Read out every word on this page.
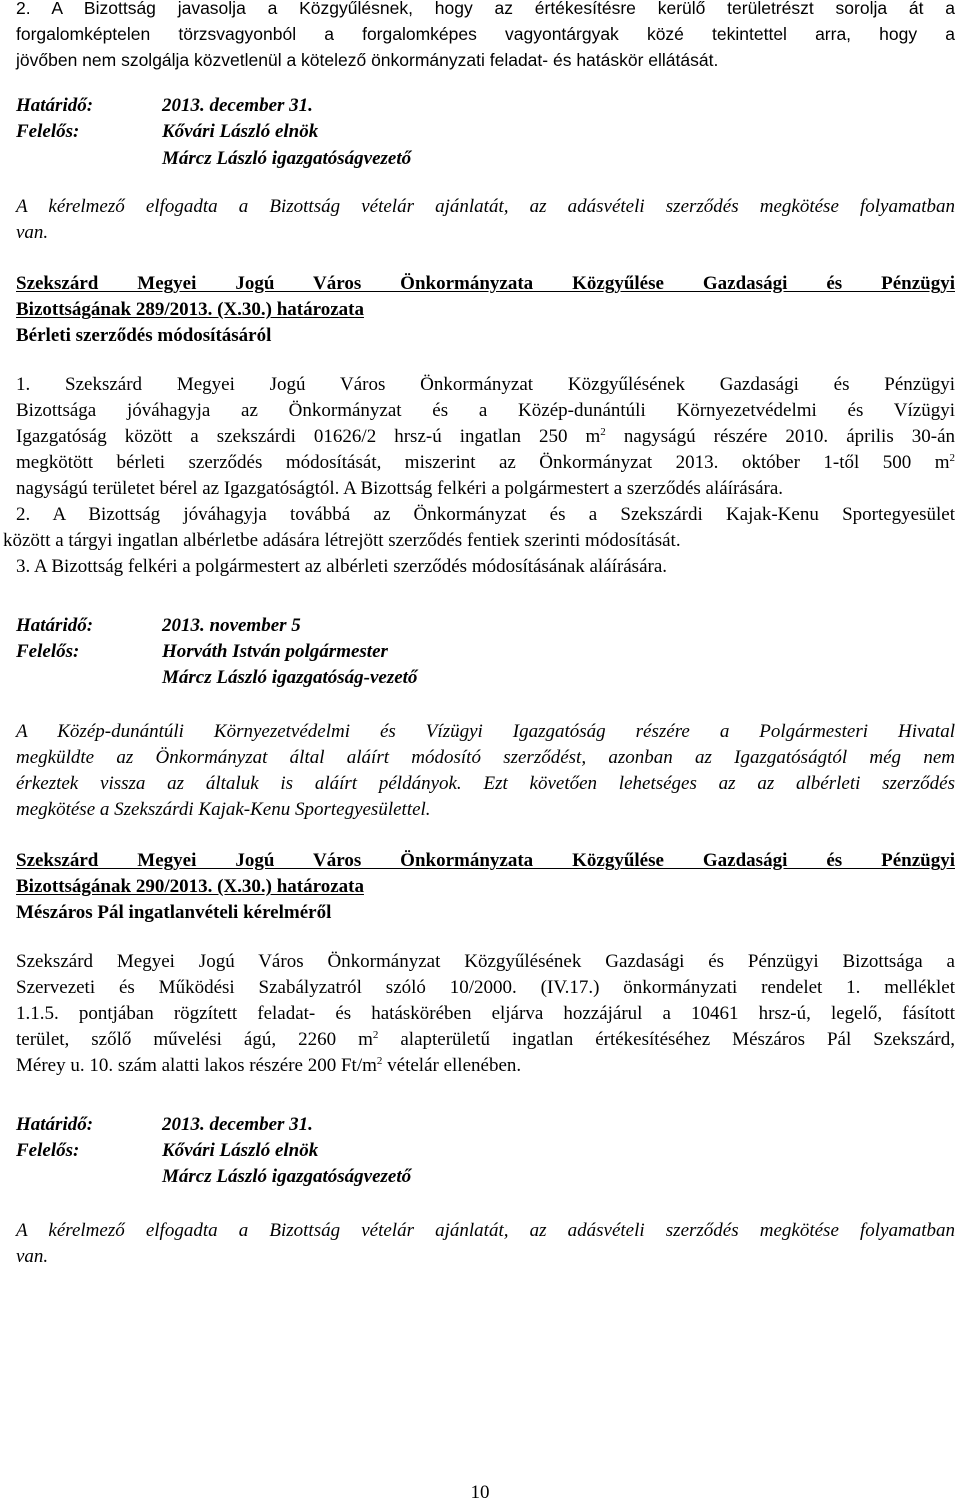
2. A Bizottság javasolja a Közgyűlésnek, hogy az értékesítésre kerülő területrészt sorolja át a
forgalomképtelen törzsvagyonból a forgalomképes vagyontárgyak közé tekintettel arra, hogy a
jövőben nem szolgálja közvetlenül a kötelező önkormányzati feladat- és hatáskör ellátását.
Határidő:	2013. december 31.
Felelős:	Kővári László elnök
Márcz László igazgatóságvezető
A kérelmező elfogadta a Bizottság vételár ajánlatát, az adásvételi szerződés megkötése folyamatban
van.
Szekszárd Megyei Jogú Város Önkormányzata Közgyűlése Gazdasági és Pénzügyi
Bizottságának 289/2013. (X.30.) határozata
Bérleti szerződés módosításáról
1. Szekszárd Megyei Jogú Város Önkormányzat Közgyűlésének Gazdasági és Pénzügyi
Bizottsága jóváhagyja az Önkormányzat és a Közép-dunántúli Környezetvédelmi és Vízügyi
Igazgatóság között a szekszárdi 01626/2 hrsz-ú ingatlan 250 $m^2$ nagyságú részére 2010. április 30-án
megkötött bérleti szerződés módosítását, miszerint az Önkormányzat 2013. október 1-től 500 $m^2$
nagyságú területet bérel az Igazgatóságtól. A Bizottság felkéri a polgármestert a szerződés aláírására.
2. A Bizottság jóváhagyja továbbá az Önkormányzat és a Szekszárdi Kajak-Kenu Sportegyesület
között a tárgyi ingatlan albérletbe adására létrejött szerződés fentiek szerinti módosítását.
3. A Bizottság felkéri a polgármestert az albérleti szerződés módosításának aláírására.
Határidő:	2013. november 5
Felelős:	Horváth István polgármester
Márcz László igazgatóság-vezető
A Közép-dunántúli Környezetvédelmi és Vízügyi Igazgatóság részére a Polgármesteri Hivatal
megküldte az Önkormányzat által aláírt módosító szerződést, azonban az Igazgatóságtól még nem
érkeztek vissza az általuk is aláírt példányok. Ezt követően lehetséges az az albérleti szerződés
megkötése a Szekszárdi Kajak-Kenu Sportegyesülettel.
Szekszárd Megyei Jogú Város Önkormányzata Közgyűlése Gazdasági és Pénzügyi
Bizottságának 290/2013. (X.30.) határozata
Mészáros Pál ingatlanvételi kérelméről
Szekszárd Megyei Jogú Város Önkormányzat Közgyűlésének Gazdasági és Pénzügyi Bizottsága a
Szervezeti és Működési Szabályzatról szóló 10/2000. (IV.17.) önkormányzati rendelet 1. melléklet
1.1.5. pontjában rögzített feladat- és hatáskörében eljárva hozzájárul a 10461 hrsz-ú, legelő, fásított
terület, szőlő művelési ágú, 2260 $m^2$ alapterületű ingatlan értékesítéséhez Mészáros Pál Szekszárd,
Mérey u. 10. szám alatti lakos részére 200 $Ft/m^2$ vételár ellenében.
Határidő:	2013. december 31.
Felelős:	Kővári László elnök
Márcz László igazgatóságvezető
A kérelmező elfogadta a Bizottság vételár ajánlatát, az adásvételi szerződés megkötése folyamatban
van.
10
